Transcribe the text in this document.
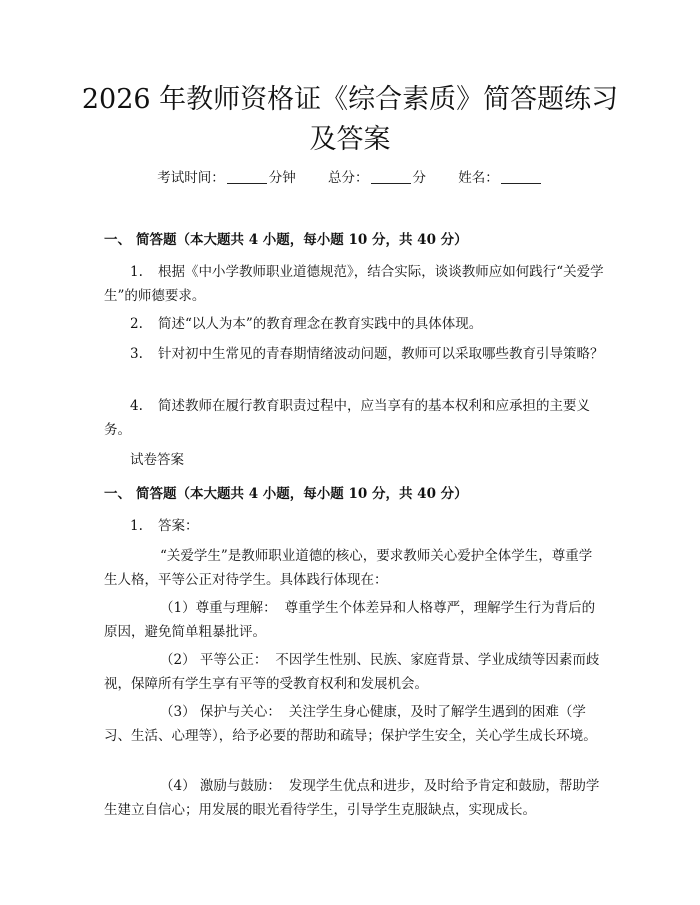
2026 年教师资格证《综合素质》简答题练习及答案
考试时间：	分钟 总分：	分 姓名：
一、 简答题（本大题共 4 小题，每小题 10 分，共 40 分）
1. 根据《中小学教师职业道德规范》，结合实际，谈谈教师应如何践行“关爱学生”的师德要求。
2. 简述“以人为本”的教育理念在教育实践中的具体体现。
3. 针对初中生常见的青春期情绪波动问题，教师可以采取哪些教育引导策略？
4. 简述教师在履行教育职责过程中，应当享有的基本权利和应承担的主要义务。
试卷答案
一、 简答题（本大题共 4 小题，每小题 10 分，共 40 分）
1. 答案：
“关爱学生”是教师职业道德的核心，要求教师关心爱护全体学生，尊重学生人格，平等公正对待学生。具体践行体现在：
（1）尊重与理解： 尊重学生个体差异和人格尊严，理解学生行为背后的原因，避免简单粗暴批评。
（2） 平等公正： 不因学生性别、民族、家庭背景、学业成绩等因素而歧视，保障所有学生享有平等的受教育权利和发展机会。
（3） 保护与关心： 关注学生身心健康，及时了解学生遇到的困难（学习、生活、心理等），给予必要的帮助和疏导；保护学生安全，关心学生成长环境。
（4） 激励与鼓励： 发现学生优点和进步，及时给予肯定和鼓励，帮助学生建立自信心；用发展的眼光看待学生，引导学生克服缺点，实现成长。
